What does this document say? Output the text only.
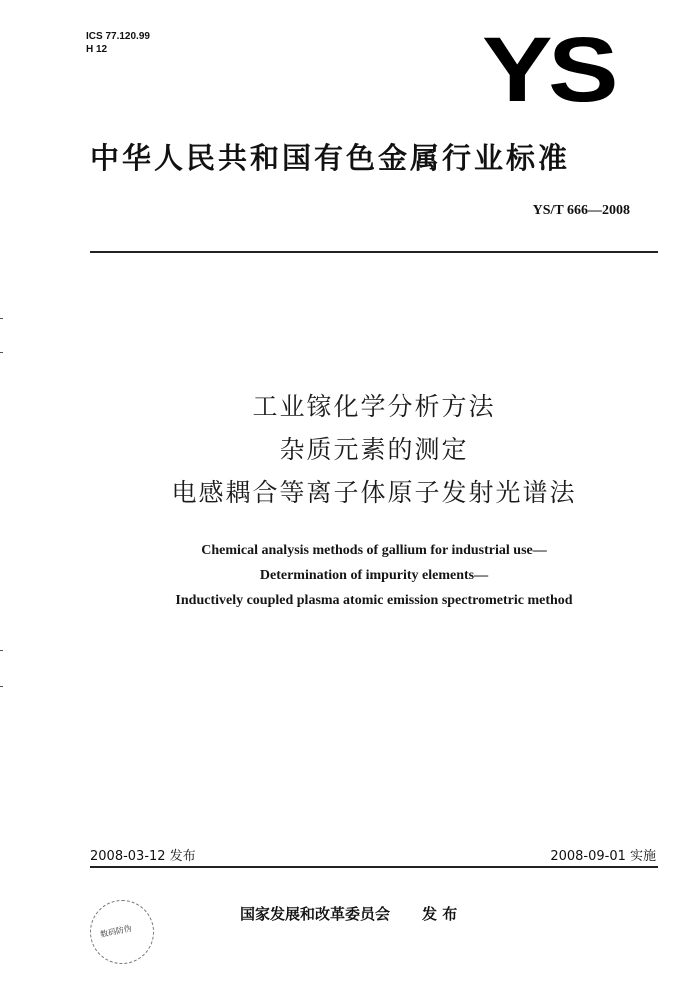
ICS 77.120.99
H 12	YS
中华人民共和国有色金属行业标准
YS/T 666—2008
工业镓化学分析方法
杂质元素的测定
电感耦合等离子体原子发射光谱法
Chemical analysis methods of gallium for industrial use—
Determination of impurity elements—
Inductively coupled plasma atomic emission spectrometric method
2008-03-12 发布	2008-09-01 实施
数码防伪
国家发展和改革委员会 发 布
